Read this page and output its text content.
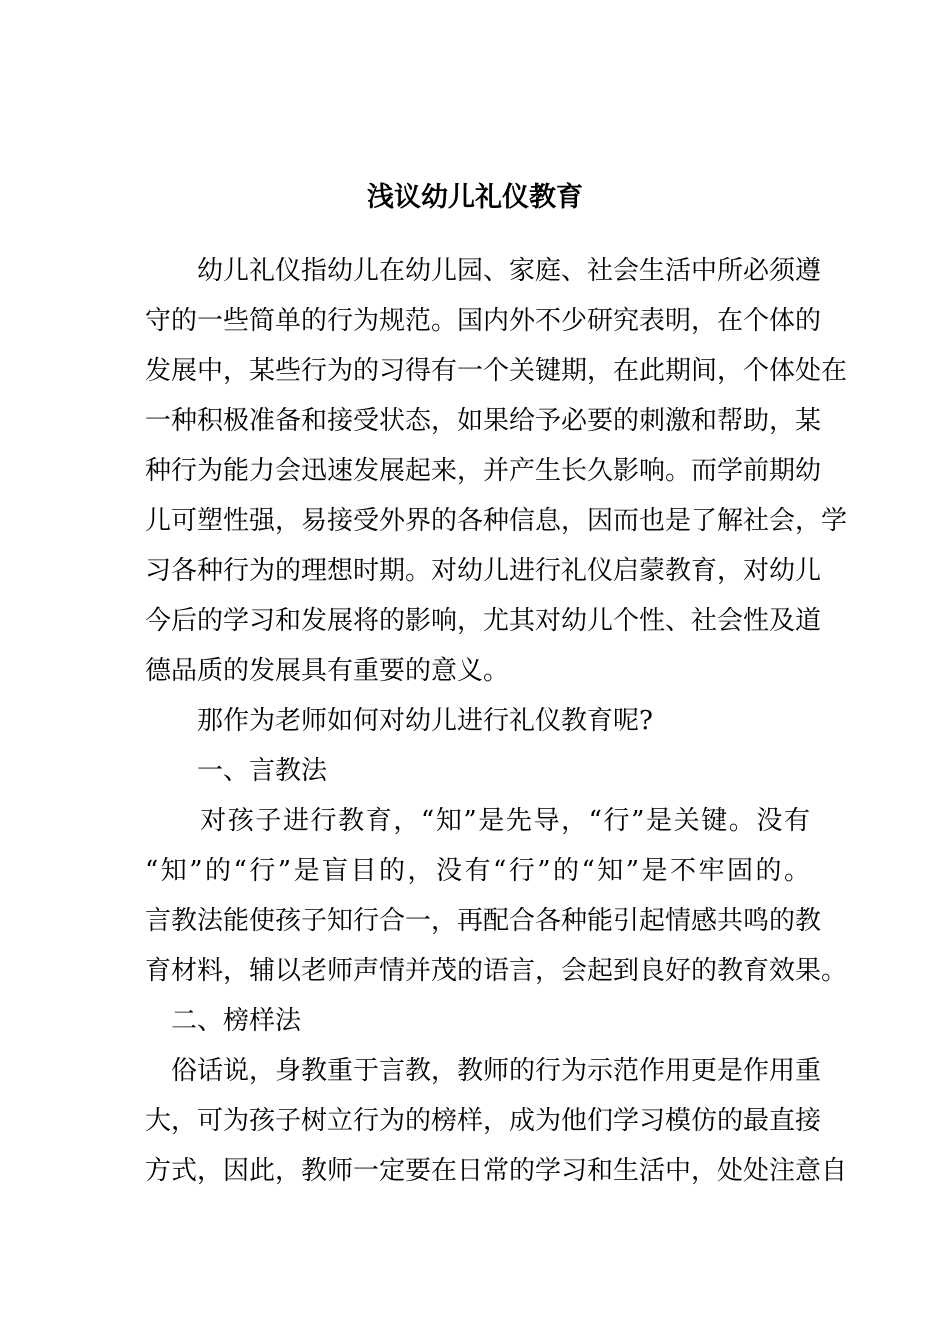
浅议幼儿礼仪教育

　　幼儿礼仪指幼儿在幼儿园、家庭、社会生活中所必须遵

守的一些简单的行为规范。国内外不少研究表明，在个体的

发展中，某些行为的习得有一个关键期，在此期间，个体处在

一种积极准备和接受状态，如果给予必要的刺激和帮助，某

种行为能力会迅速发展起来，并产生长久影响。而学前期幼

儿可塑性强，易接受外界的各种信息，因而也是了解社会，学

习各种行为的理想时期。对幼儿进行礼仪启蒙教育，对幼儿

今后的学习和发展将的影响，尤其对幼儿个性、社会性及道

德品质的发展具有重要的意义。

　　那作为老师如何对幼儿进行礼仪教育呢?

　　一、言教法

　　对孩子进行教育，“知”是先导，“行”是关键。没有

“知”的“行”是盲目的，没有“行”的“知”是不牢固的。

言教法能使孩子知行合一，再配合各种能引起情感共鸣的教

育材料，辅以老师声情并茂的语言，会起到良好的教育效果。

　二、榜样法

　俗话说，身教重于言教，教师的行为示范作用更是作用重

大，可为孩子树立行为的榜样，成为他们学习模仿的最直接

方式，因此，教师一定要在日常的学习和生活中，处处注意自
